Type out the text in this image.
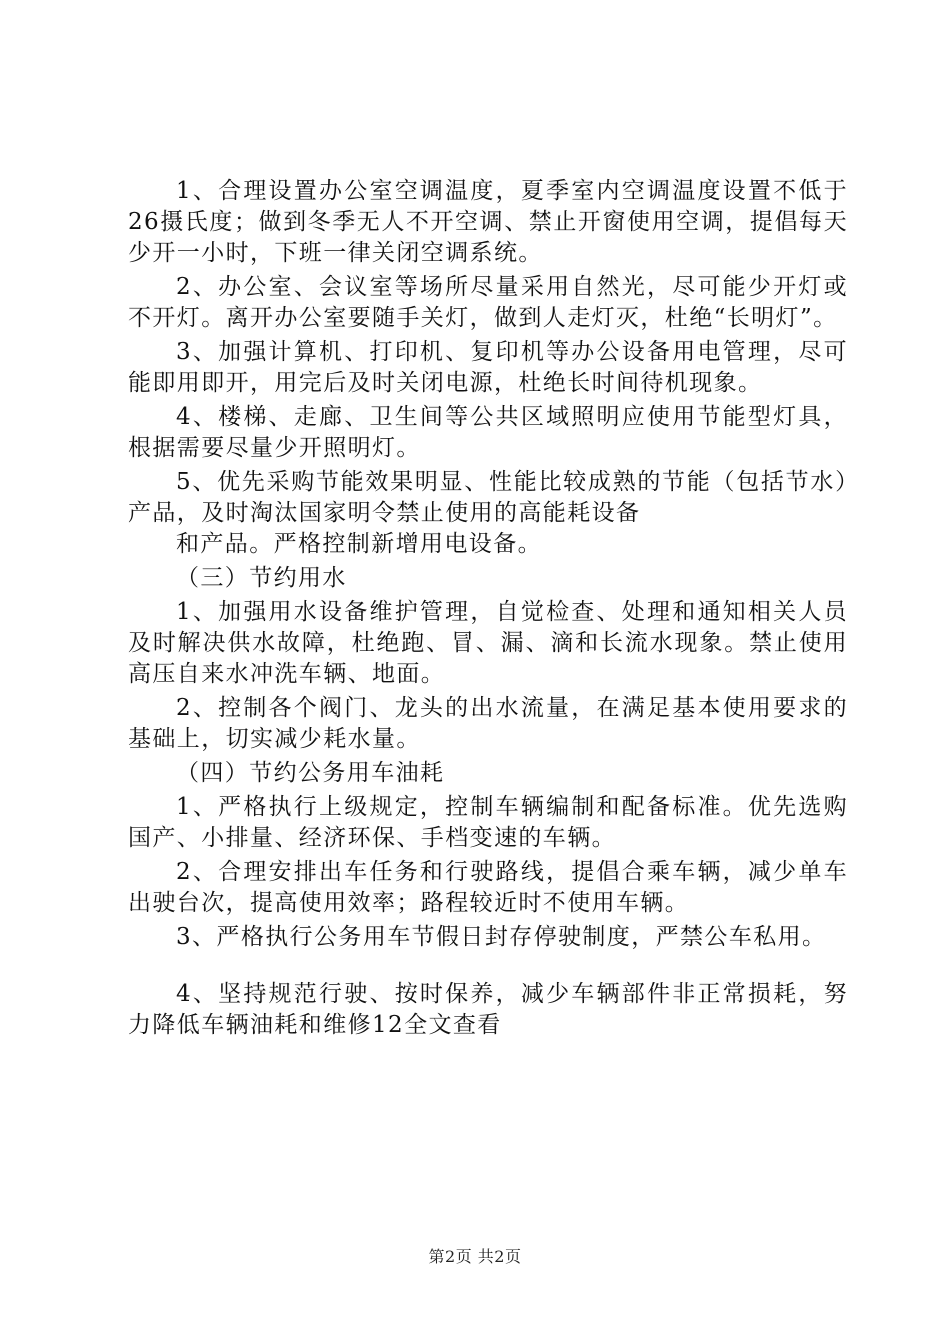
1、合理设置办公室空调温度，夏季室内空调温度设置不低于26摄氏度；做到冬季无人不开空调、禁止开窗使用空调，提倡每天少开一小时，下班一律关闭空调系统。

2、办公室、会议室等场所尽量采用自然光，尽可能少开灯或不开灯。离开办公室要随手关灯，做到人走灯灭，杜绝“长明灯”。

3、加强计算机、打印机、复印机等办公设备用电管理，尽可能即用即开，用完后及时关闭电源，杜绝长时间待机现象。

4、楼梯、走廊、卫生间等公共区域照明应使用节能型灯具，根据需要尽量少开照明灯。

5、优先采购节能效果明显、性能比较成熟的节能（包括节水）产品，及时淘汰国家明令禁止使用的高能耗设备

和产品。严格控制新增用电设备。

（三）节约用水

1、加强用水设备维护管理，自觉检查、处理和通知相关人员及时解决供水故障，杜绝跑、冒、漏、滴和长流水现象。禁止使用高压自来水冲洗车辆、地面。

2、控制各个阀门、龙头的出水流量，在满足基本使用要求的基础上，切实减少耗水量。

（四）节约公务用车油耗

1、严格执行上级规定，控制车辆编制和配备标准。优先选购国产、小排量、经济环保、手档变速的车辆。

2、合理安排出车任务和行驶路线，提倡合乘车辆，减少单车出驶台次，提高使用效率；路程较近时不使用车辆。

3、严格执行公务用车节假日封存停驶制度，严禁公车私用。

4、坚持规范行驶、按时保养，减少车辆部件非正常损耗，努力降低车辆油耗和维修12全文查看

第2页 共2页
